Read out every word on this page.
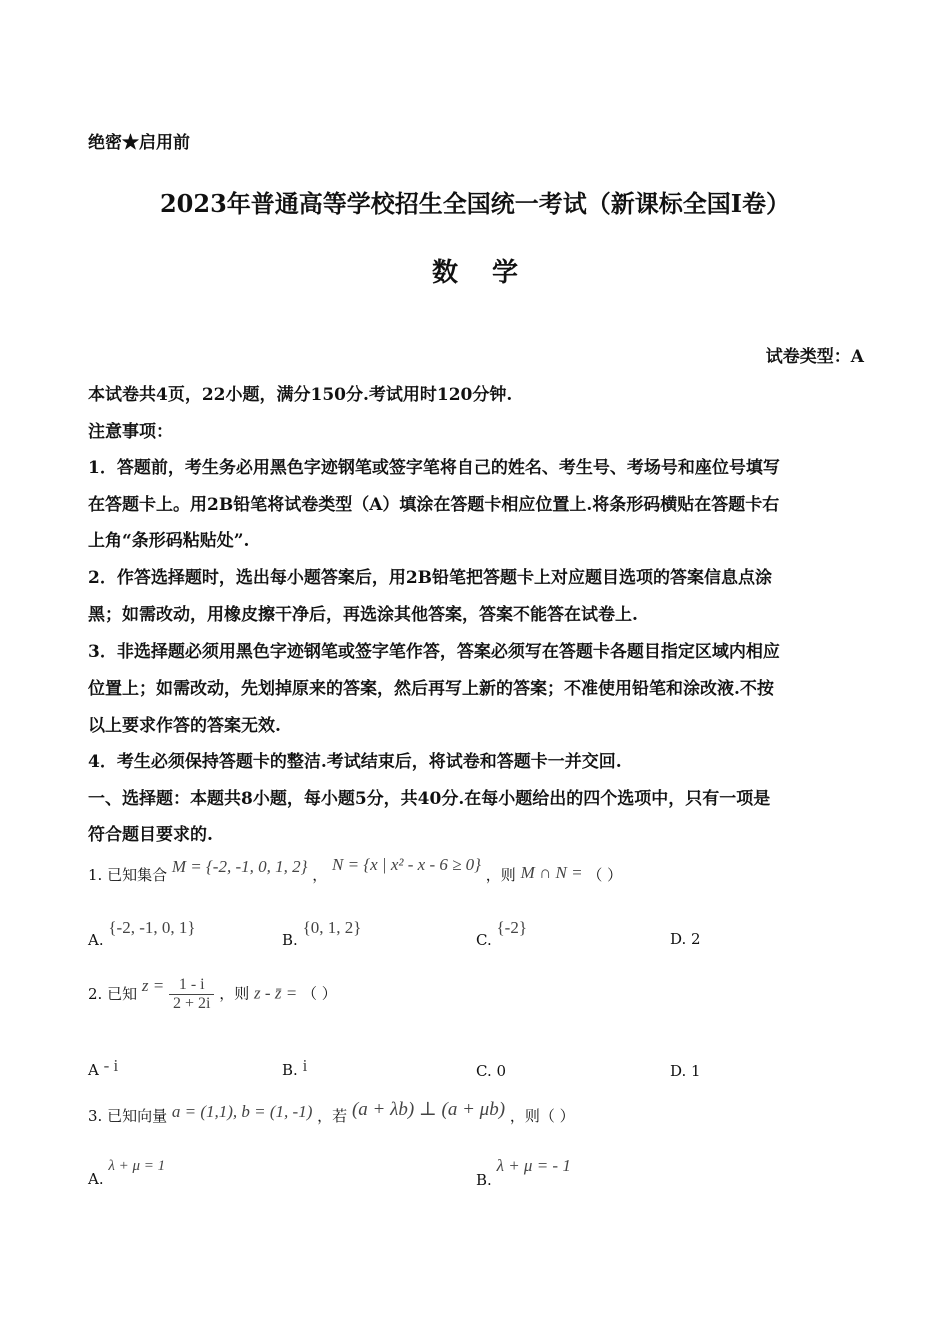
绝密★启用前
2023年普通高等学校招生全国统一考试（新课标全国Ⅰ卷）
数学
试卷类型：A
本试卷共4页，22小题，满分150分.考试用时120分钟.
注意事项：
1．答题前，考生务必用黑色字迹钢笔或签字笔将自己的姓名、考生号、考场号和座位号填写
在答题卡上。用2B铅笔将试卷类型（A）填涂在答题卡相应位置上.将条形码横贴在答题卡右
上角“条形码粘贴处”.
2．作答选择题时，选出每小题答案后，用2B铅笔把答题卡上对应题目选项的答案信息点涂
黑；如需改动，用橡皮擦干净后，再选涂其他答案，答案不能答在试卷上.
3．非选择题必须用黑色字迹钢笔或签字笔作答，答案必须写在答题卡各题目指定区域内相应
位置上；如需改动，先划掉原来的答案，然后再写上新的答案；不准使用铅笔和涂改液.不按
以上要求作答的答案无效.
4．考生必须保持答题卡的整洁.考试结束后，将试卷和答题卡一并交回.
一、选择题：本题共8小题，每小题5分，共40分.在每小题给出的四个选项中，只有一项是
符合题目要求的.
1. 已知集合 M = {-2, -1, 0, 1, 2} ， N = {x | x² - x - 6 ≥ 0} ，则 M ∩ N = （ ）
A. {-2, -1, 0, 1}
B. {0, 1, 2}
C. {-2}
D. 2
2. 已知 $z = \frac{1 - i}{2 + 2i}$ ，则 z - z̄ = （ ）
A - i	B. i	C. 0	D. 1
3. 已知向量 a = (1,1), b = (1, -1) ，若 (a + λb) ⊥ (a + μb) ，则（ ）
A. λ + μ = 1
B. λ + μ = - 1
